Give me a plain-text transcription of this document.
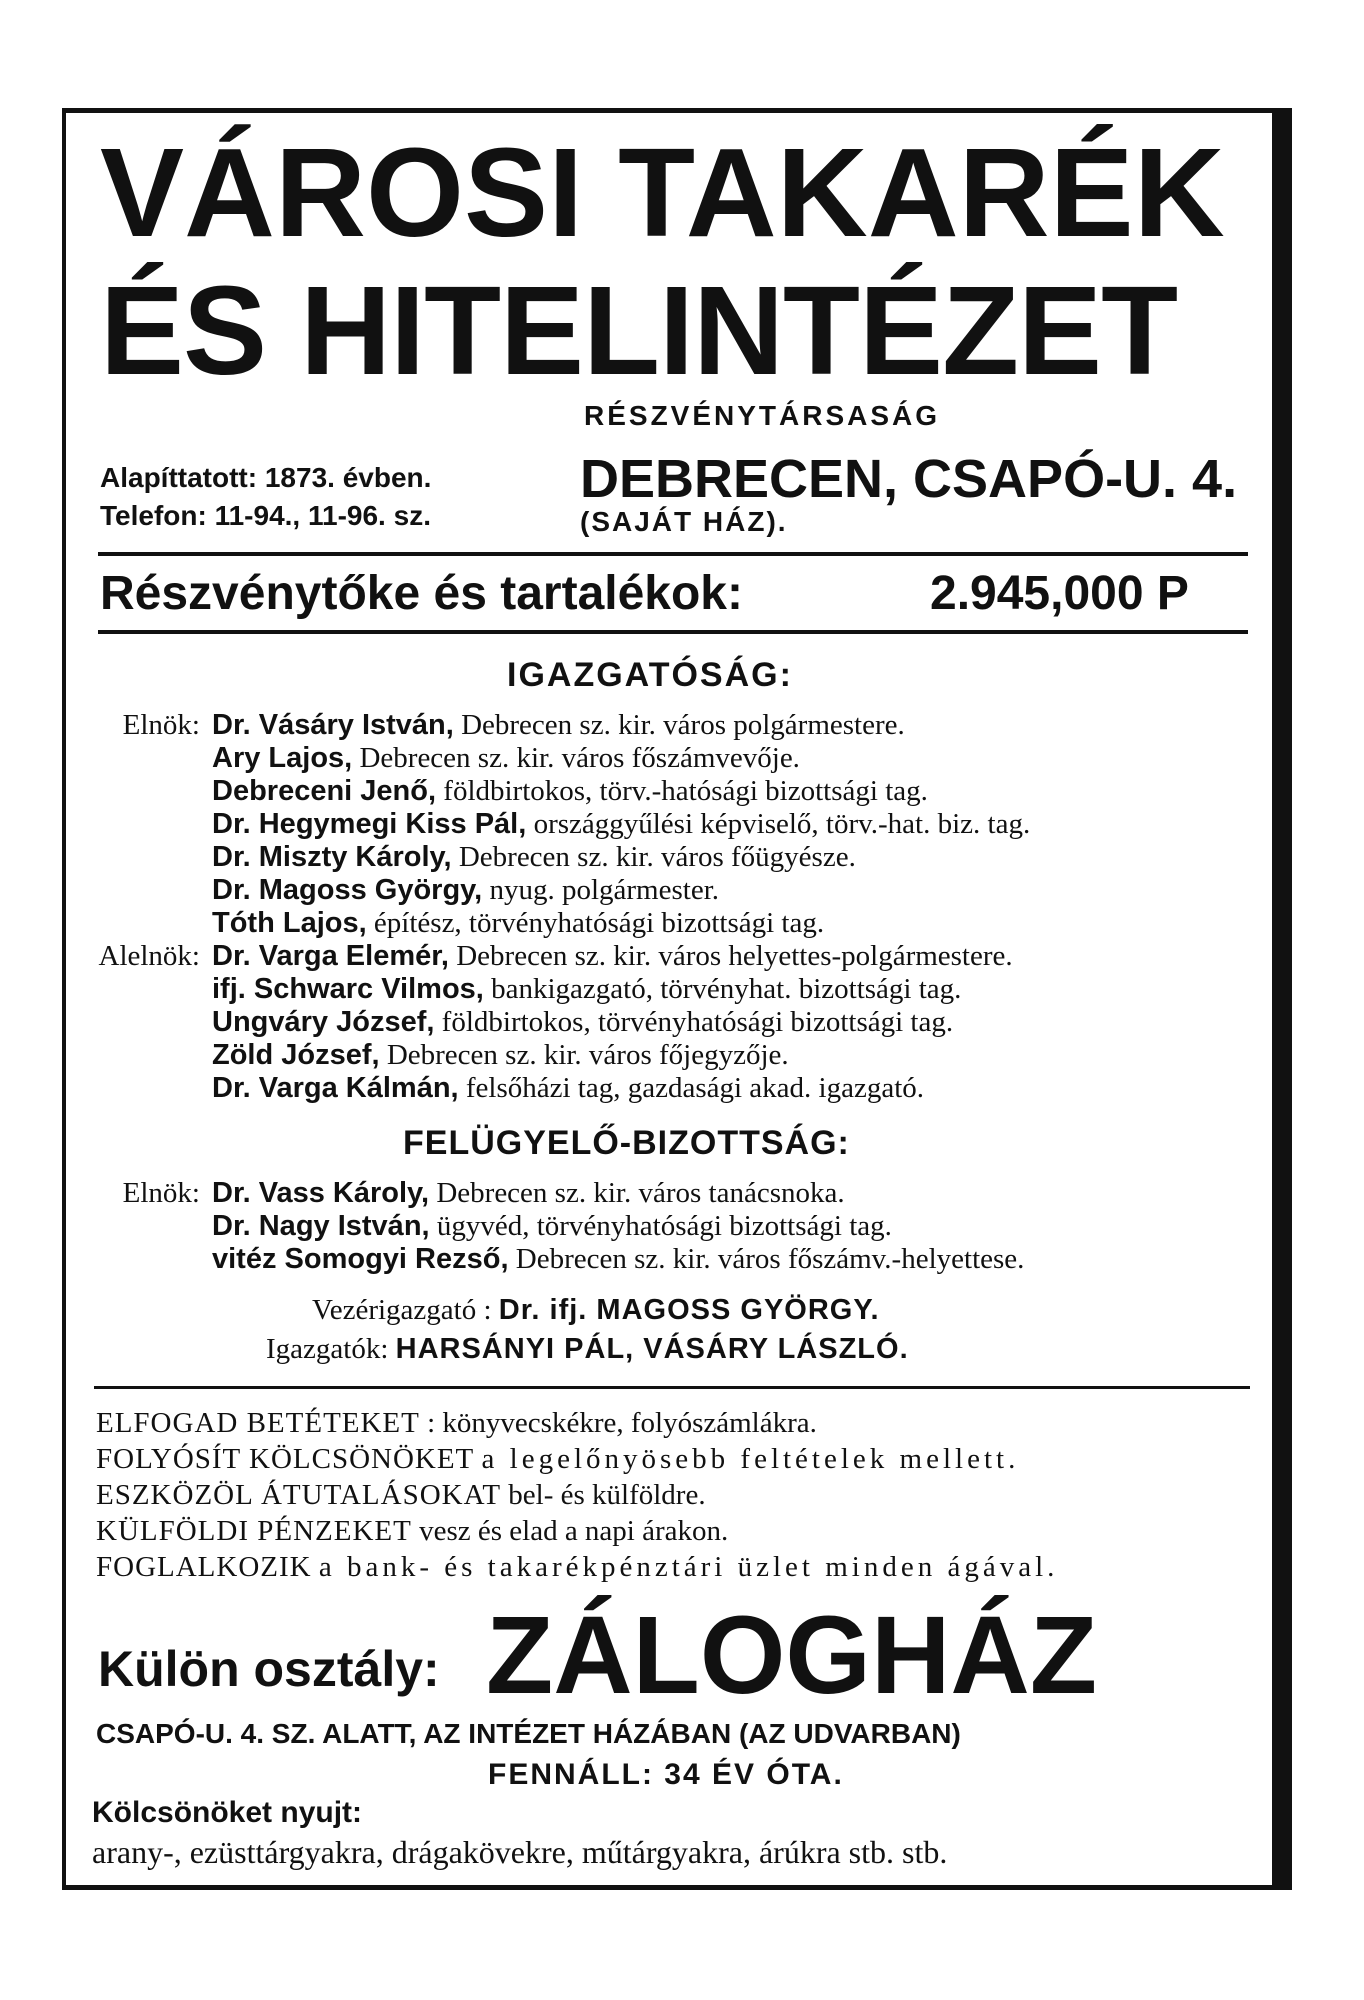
VÁROSI TAKARÉK
ÉS HITELINTÉZET
RÉSZVÉNYTÁRSASÁG
Alapíttatott: 1873. évben.
Telefon: 11-94., 11-96. sz.
DEBRECEN, CSAPÓ-U. 4.
(SAJÁT HÁZ).
Részvénytőke és tartalékok:	2.945,000 P
IGAZGATÓSÁG:
Elnök: Dr. Vásáry István, Debrecen sz. kir. város polgármestere.
Ary Lajos, Debrecen sz. kir. város főszámvevője.
Debreceni Jenő, földbirtokos, törv.-hatósági bizottsági tag.
Dr. Hegymegi Kiss Pál, országgyűlési képviselő, törv.-hat. biz. tag.
Dr. Miszty Károly, Debrecen sz. kir. város főügyésze.
Dr. Magoss György, nyug. polgármester.
Tóth Lajos, építész, törvényhatósági bizottsági tag.
Alelnök: Dr. Varga Elemér, Debrecen sz. kir. város helyettes-polgármestere.
ifj. Schwarc Vilmos, bankigazgató, törvényhat. bizottsági tag.
Ungváry József, földbirtokos, törvényhatósági bizottsági tag.
Zöld József, Debrecen sz. kir. város főjegyzője.
Dr. Varga Kálmán, felsőházi tag, gazdasági akad. igazgató.
FELÜGYELŐ-BIZOTTSÁG:
Elnök: Dr. Vass Károly, Debrecen sz. kir. város tanácsnoka.
Dr. Nagy István, ügyvéd, törvényhatósági bizottsági tag.
vitéz Somogyi Rezső, Debrecen sz. kir. város főszámv.-helyettese.
Vezérigazgató : Dr. ifj. MAGOSS GYÖRGY.
Igazgatók: HARSÁNYI PÁL, VÁSÁRY LÁSZLÓ.
ELFOGAD BETÉTEKET : könyvecskékre, folyószámlákra.
FOLYÓSÍT KÖLCSÖNÖKET a legelőnyösebb feltételek mellett.
ESZKÖZÖL ÁTUTALÁSOKAT bel- és külföldre.
KÜLFÖLDI PÉNZEKET vesz és elad a napi árakon.
FOGLALKOZIK a bank- és takarékpénztári üzlet minden ágával.
Külön osztály: ZÁLOGHÁZ
CSAPÓ-U. 4. SZ. ALATT, AZ INTÉZET HÁZÁBAN (AZ UDVARBAN)
FENNÁLL: 34 ÉV ÓTA.
Kölcsönöket nyujt:
arany-, ezüsttárgyakra, drágakövekre, műtárgyakra, árúkra stb. stb.
